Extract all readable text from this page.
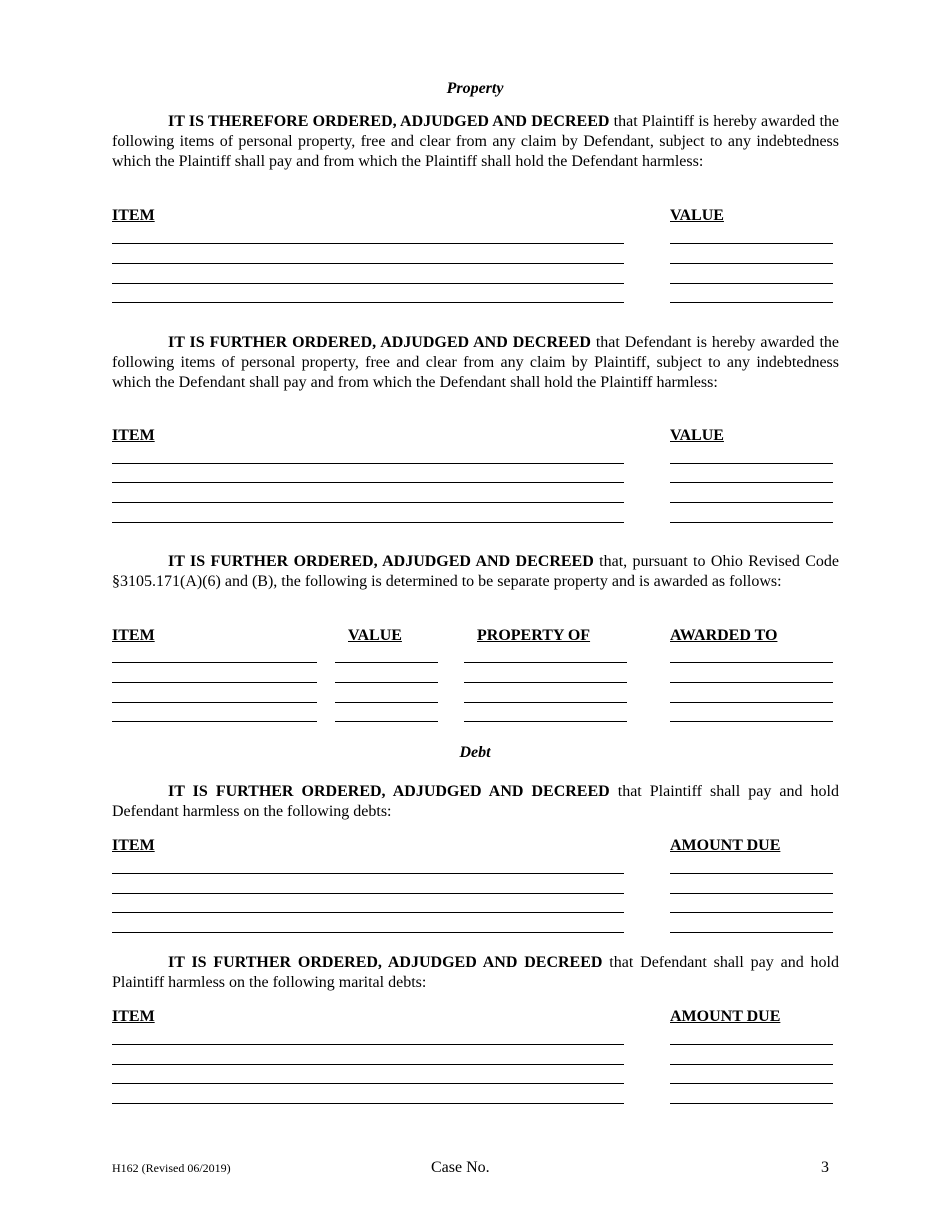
Property

IT IS THEREFORE ORDERED, ADJUDGED AND DECREED that Plaintiff is hereby awarded the following items of personal property, free and clear from any claim by Defendant, subject to any indebtedness which the Plaintiff shall pay and from which the Plaintiff shall hold the Defendant harmless:

ITEM	VALUE

IT IS FURTHER ORDERED, ADJUDGED AND DECREED that Defendant is hereby awarded the following items of personal property, free and clear from any claim by Plaintiff, subject to any indebtedness which the Defendant shall pay and from which the Defendant shall hold the Plaintiff harmless:

ITEM	VALUE

IT IS FURTHER ORDERED, ADJUDGED AND DECREED that, pursuant to Ohio Revised Code §3105.171(A)(6) and (B), the following is determined to be separate property and is awarded as follows:

ITEM	VALUE	PROPERTY OF	AWARDED TO
Debt

IT IS FURTHER ORDERED, ADJUDGED AND DECREED that Plaintiff shall pay and hold Defendant harmless on the following debts:

ITEM	AMOUNT DUE

IT IS FURTHER ORDERED, ADJUDGED AND DECREED that Defendant shall pay and hold Plaintiff harmless on the following marital debts:

ITEM	AMOUNT DUE
H162 (Revised 06/2019)	Case No.	3
